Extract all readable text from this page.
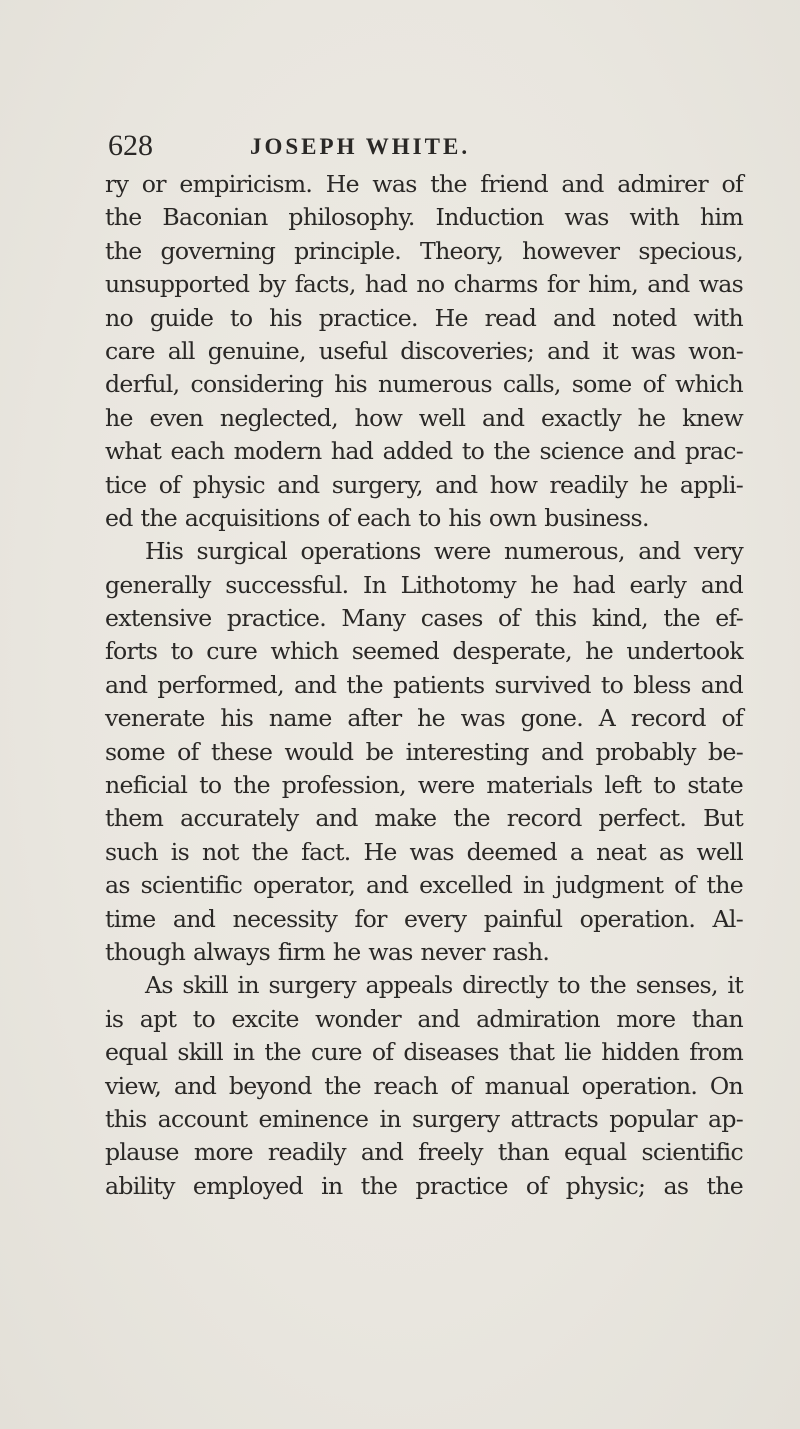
628	JOSEPH WHITE.
ry or empiricism. He was the friend and admirer of
the Baconian philosophy. Induction was with him
the governing principle. Theory, however specious,
unsupported by facts, had no charms for him, and was
no guide to his practice. He read and noted with
care all genuine, useful discoveries; and it was won-
derful, considering his numerous calls, some of which
he even neglected, how well and exactly he knew
what each modern had added to the science and prac-
tice of physic and surgery, and how readily he appli-
ed the acquisitions of each to his own business.
His surgical operations were numerous, and very
generally successful. In Lithotomy he had early and
extensive practice. Many cases of this kind, the ef-
forts to cure which seemed desperate, he undertook
and performed, and the patients survived to bless and
venerate his name after he was gone. A record of
some of these would be interesting and probably be-
neficial to the profession, were materials left to state
them accurately and make the record perfect. But
such is not the fact. He was deemed a neat as well
as scientific operator, and excelled in judgment of the
time and necessity for every painful operation. Al-
though always firm he was never rash.
As skill in surgery appeals directly to the senses, it
is apt to excite wonder and admiration more than
equal skill in the cure of diseases that lie hidden from
view, and beyond the reach of manual operation. On
this account eminence in surgery attracts popular ap-
plause more readily and freely than equal scientific
ability employed in the practice of physic; as the
